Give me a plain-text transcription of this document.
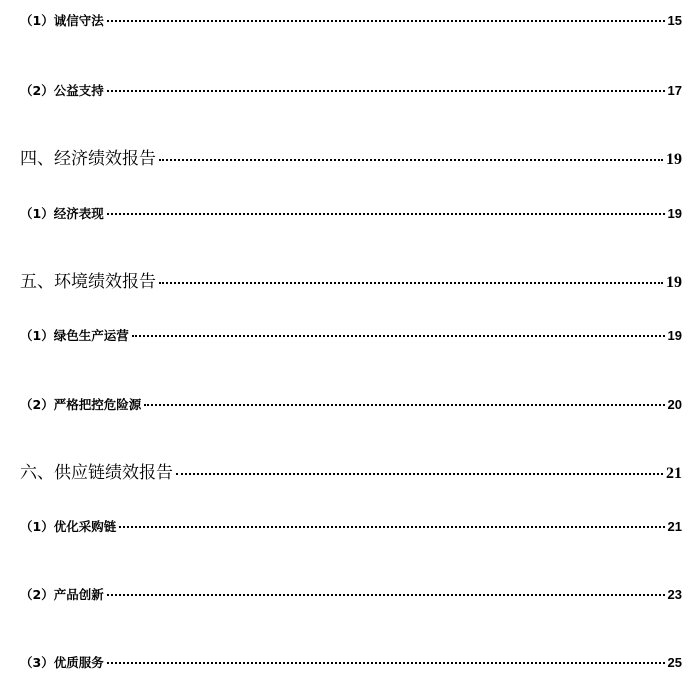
（1）诚信守法	15
（2）公益支持	17
四、经济绩效报告	19
（1）经济表现	19
五、环境绩效报告	19
（1）绿色生产运营	19
（2）严格把控危险源	20
六、供应链绩效报告	21
（1）优化采购链	21
（2）产品创新	23
（3）优质服务	25
